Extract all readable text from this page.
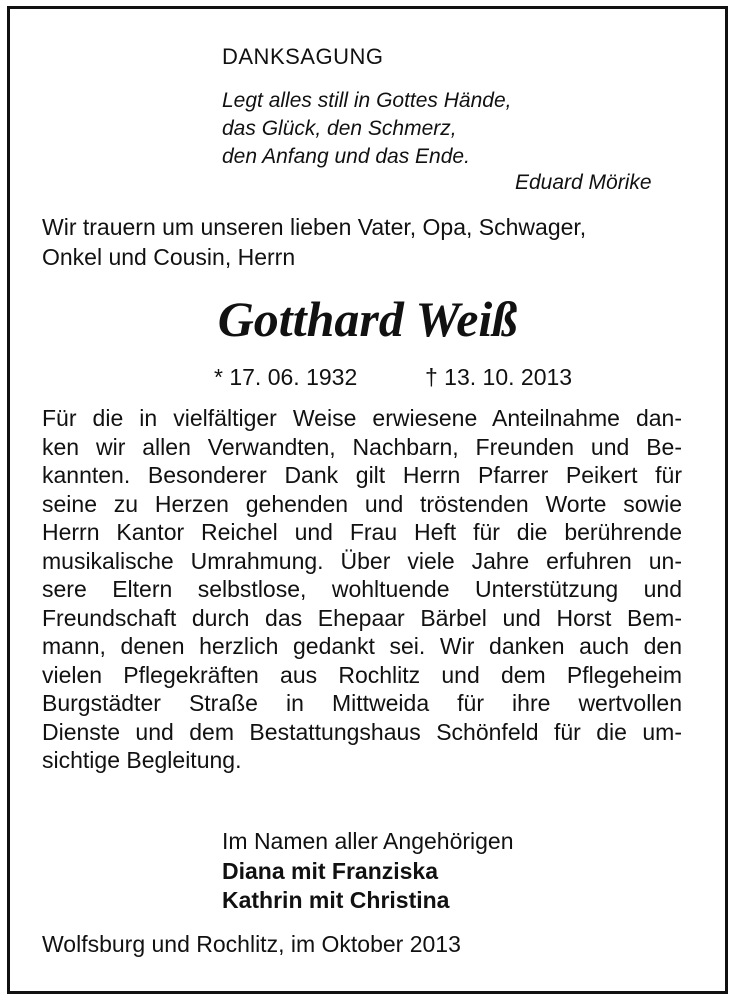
DANKSAGUNG
Legt alles still in Gottes Hände,
das Glück, den Schmerz,
den Anfang und das Ende.
Eduard Mörike
Wir trauern um unseren lieben Vater, Opa, Schwager,
Onkel und Cousin, Herrn
Gotthard Weiß
* 17. 06. 1932	† 13. 10. 2013
Für die in vielfältiger Weise erwiesene Anteilnahme dan-
ken wir allen Verwandten, Nachbarn, Freunden und Be-
kannten. Besonderer Dank gilt Herrn Pfarrer Peikert für
seine zu Herzen gehenden und tröstenden Worte sowie
Herrn Kantor Reichel und Frau Heft für die berührende
musikalische Umrahmung. Über viele Jahre erfuhren un-
sere Eltern selbstlose, wohltuende Unterstützung und
Freundschaft durch das Ehepaar Bärbel und Horst Bem-
mann, denen herzlich gedankt sei. Wir danken auch den
vielen Pflegekräften aus Rochlitz und dem Pflegeheim
Burgstädter Straße in Mittweida für ihre wertvollen
Dienste und dem Bestattungshaus Schönfeld für die um-
sichtige Begleitung.
Im Namen aller Angehörigen
Diana mit Franziska
Kathrin mit Christina
Wolfsburg und Rochlitz, im Oktober 2013
